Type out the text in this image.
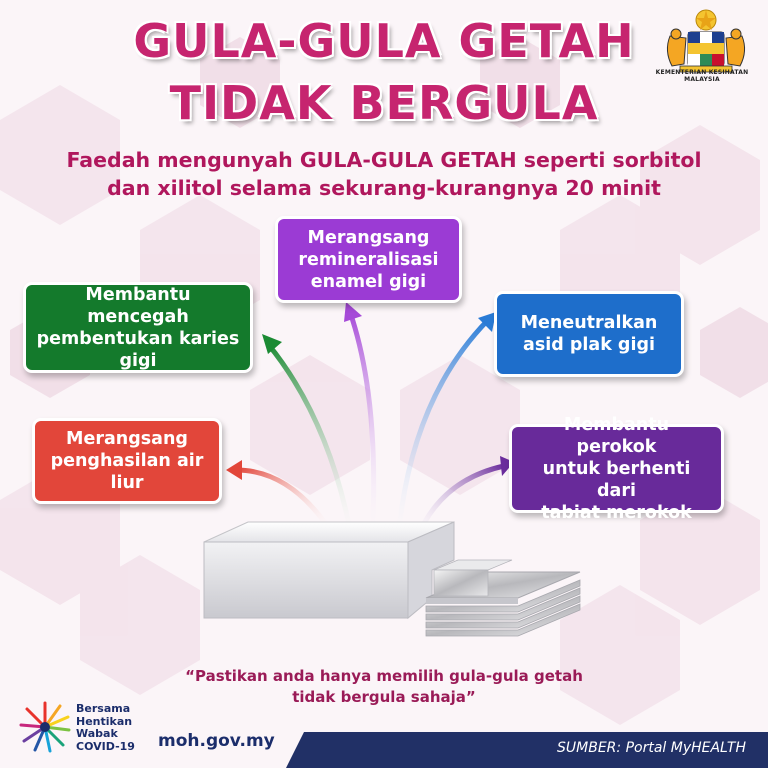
GULA-GULA GETAH
TIDAK BERGULA
KEMENTERIAN KESIHATAN MALAYSIA
Faedah mengunyah GULA-GULA GETAH seperti sorbitol
dan xilitol selama sekurang-kurangnya 20 minit
Merangsang
remineralisasi
enamel gigi
Membantu mencegah
pembentukan karies
gigi
Meneutralkan
asid plak gigi
Merangsang
penghasilan air
liur
Membantu perokok
untuk berhenti dari
tabiat merokok
“Pastikan anda hanya memilih gula-gula getah
tidak bergula sahaja”
Bersama
Hentikan
Wabak
COVID-19 moh.gov.my	SUMBER: Portal MyHEALTH
